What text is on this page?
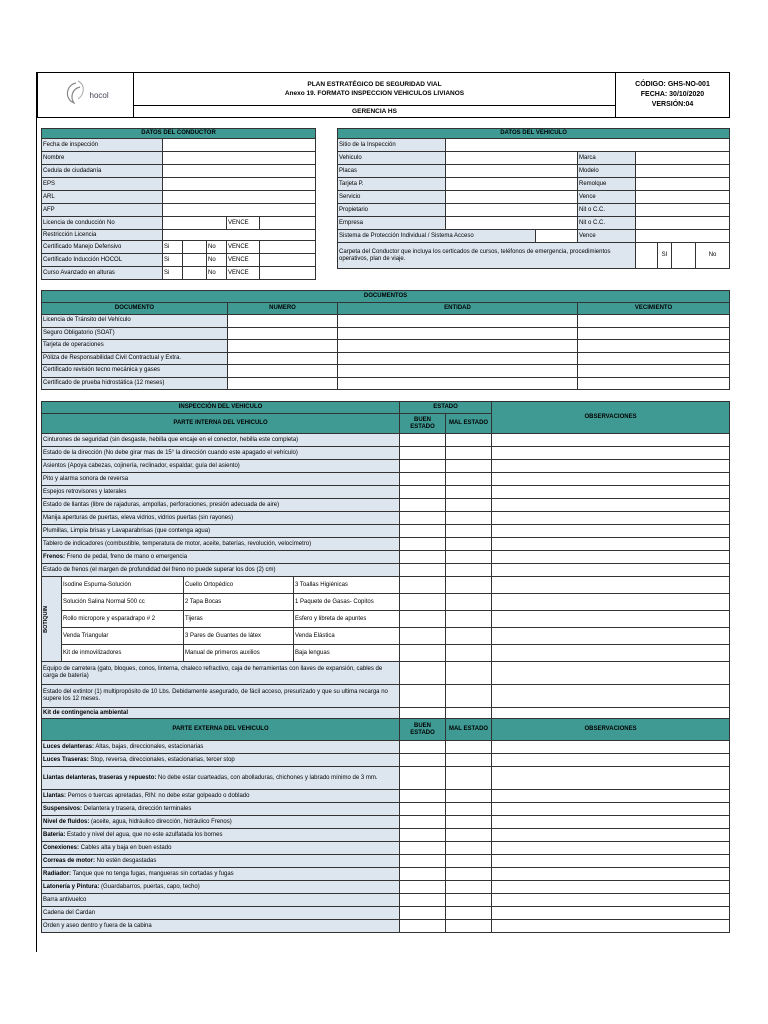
hocol

PLAN ESTRATÉGICO DE SEGURIDAD VIAL
Anexo 19. FORMATO INSPECCION VEHICULOS LIVIANOS

CÓDIGO: GHS-NO-001
FECHA: 30/10/2020
VERSIÓN:04

GERENCIA HS
DATOS DEL CONDUCTOR					
Fecha de inspección					
Nombre					
Cedula de ciudadanía					
EPS					
ARL					
AFP					
Licencia de conducción No				VENCE	
Restricción Licencia					
Certificado Manejo Defensivo	Si		No	VENCE	
Certificado Inducción HOCOL	Si		No	VENCE	
Curso Avanzado en alturas	Si		No	VENCE	
DATOS DEL VEHICULO							
Sitio de la Inspección							
Vehiculo			Marca				
Placas			Modelo				
Tarjeta P.			Remolque				
Servicio			Vence				
Propietario			Nit o C.C.				
Empresa			Nit o C.C.				
Sistema de Protección Individual / Sistema Acceso			Vence				
Carpeta del Conductor que incluya los certicados de cursos, teléfonos de emergencia, procedimientos operativos, plan de viaje.					SI		No
DOCUMENTOS			
DOCUMENTO	NUMERO	ENTIDAD	VECIMIENTO
Licencia de Tránsito del Vehículo			
Seguro Obligatorio (SOAT)			
Tarjeta de operaciones			
Póliza de Responsabilidad Civil Contractual y Extra.			
Certificado revisión tecno mecánica y gases			
Certificado de prueba hidrostática (12 meses)			
INSPECCIÓN DEL VEHICULO				ESTADO		OBSERVACIONES
PARTE INTERNA DEL VEHICULO				BUEN ESTADO	MAL ESTADO	
Cinturones de seguridad (sin desgaste, hebilla que encaje en el conector, hebilla este completa)						
Estado de la dirección (No debe girar mas de 15° la dirección cuando este apagado el vehículo)						
Asientos (Apoya cabezas, cojinería, reclinador, espaldar, guía del asiento)						
Pito y alarma sonora de reversa						
Espejos retrovisores y laterales						
Estado de llantas (libre de rajaduras, ampollas, perforaciones, presión adecuada de aire)						
Manija aperturas de puertas, eleva vidrios, vidrios puertas (sin rayones)						
Plumillas, Limpia brisas y Lavaparabrisas (que contenga agua)						
Tablero de indicadores (combustible, temperatura de motor, aceite, baterías, revolución, velocímetro)						
Frenos: Freno de pedal, freno de mano o emergencia						
Estado de frenos (el margen de profundidad del freno no puede superar los dos (2) cm)						

BOTIQUIN	Isodine Espuma-Solución	Cuello Ortopédico	3 Toallas Higiénicas			
	Solución Salina Normal 500 cc	2 Tapa Bocas	1 Paquete de Gasas- Copitos			
	Rollo micropore y esparadrapo # 2	Tijeras	Esfero y libreta de apuntes			
	Venda Triangular	3 Pares de Guantes de látex	Venda Elástica			
	Kit de inmovilizadores	Manual de primeros auxilios	Baja lenguas			
Equipo de carretera (gato, bloques, conos, linterna, chaleco refractivo, caja de herramientas con llaves de expansión, cables de carga de batería)						
Estado del extintor (1) multipropósito de 10 Lbs. Debidamente asegurado, de fácil acceso, presurizado y que su ultima recarga no supere los 12 meses.						
Kit de contingencia ambiental						
PARTE EXTERNA DEL VEHICULO				BUEN ESTADO	MAL ESTADO	OBSERVACIONES
Luces delanteras: Altas, bajas, direccionales, estacionarias						
Luces Traseras: Stop, reversa, direccionales, estacionarias, tercer stop						
Llantas delanteras, traseras y repuesto: No debe estar cuarteadas, con abolladuras, chichones y labrado mínimo de 3 mm.						
Llantas: Pernos o tuercas apretadas, RIN: no debe estar golpeado o doblado						
Suspensivos: Delantera y trasera, dirección terminales						
Nivel de fluidos: (aceite, agua, hidráulico dirección, hidráulico Frenos)						
Batería: Estado y nivel del agua, que no este azulfatada los bornes						
Conexiones: Cables alta y baja en buen estado						
Correas de motor: No estén desgastadas						
Radiador: Tanque que no tenga fugas, mangueras sin cortadas y fugas						
Latonería y Pintura: (Guardabarros, puertas, capo, techo)						
Barra antivuelco						
Cadena del Cardan						
Orden y aseo dentro y fuera de la cabina						
